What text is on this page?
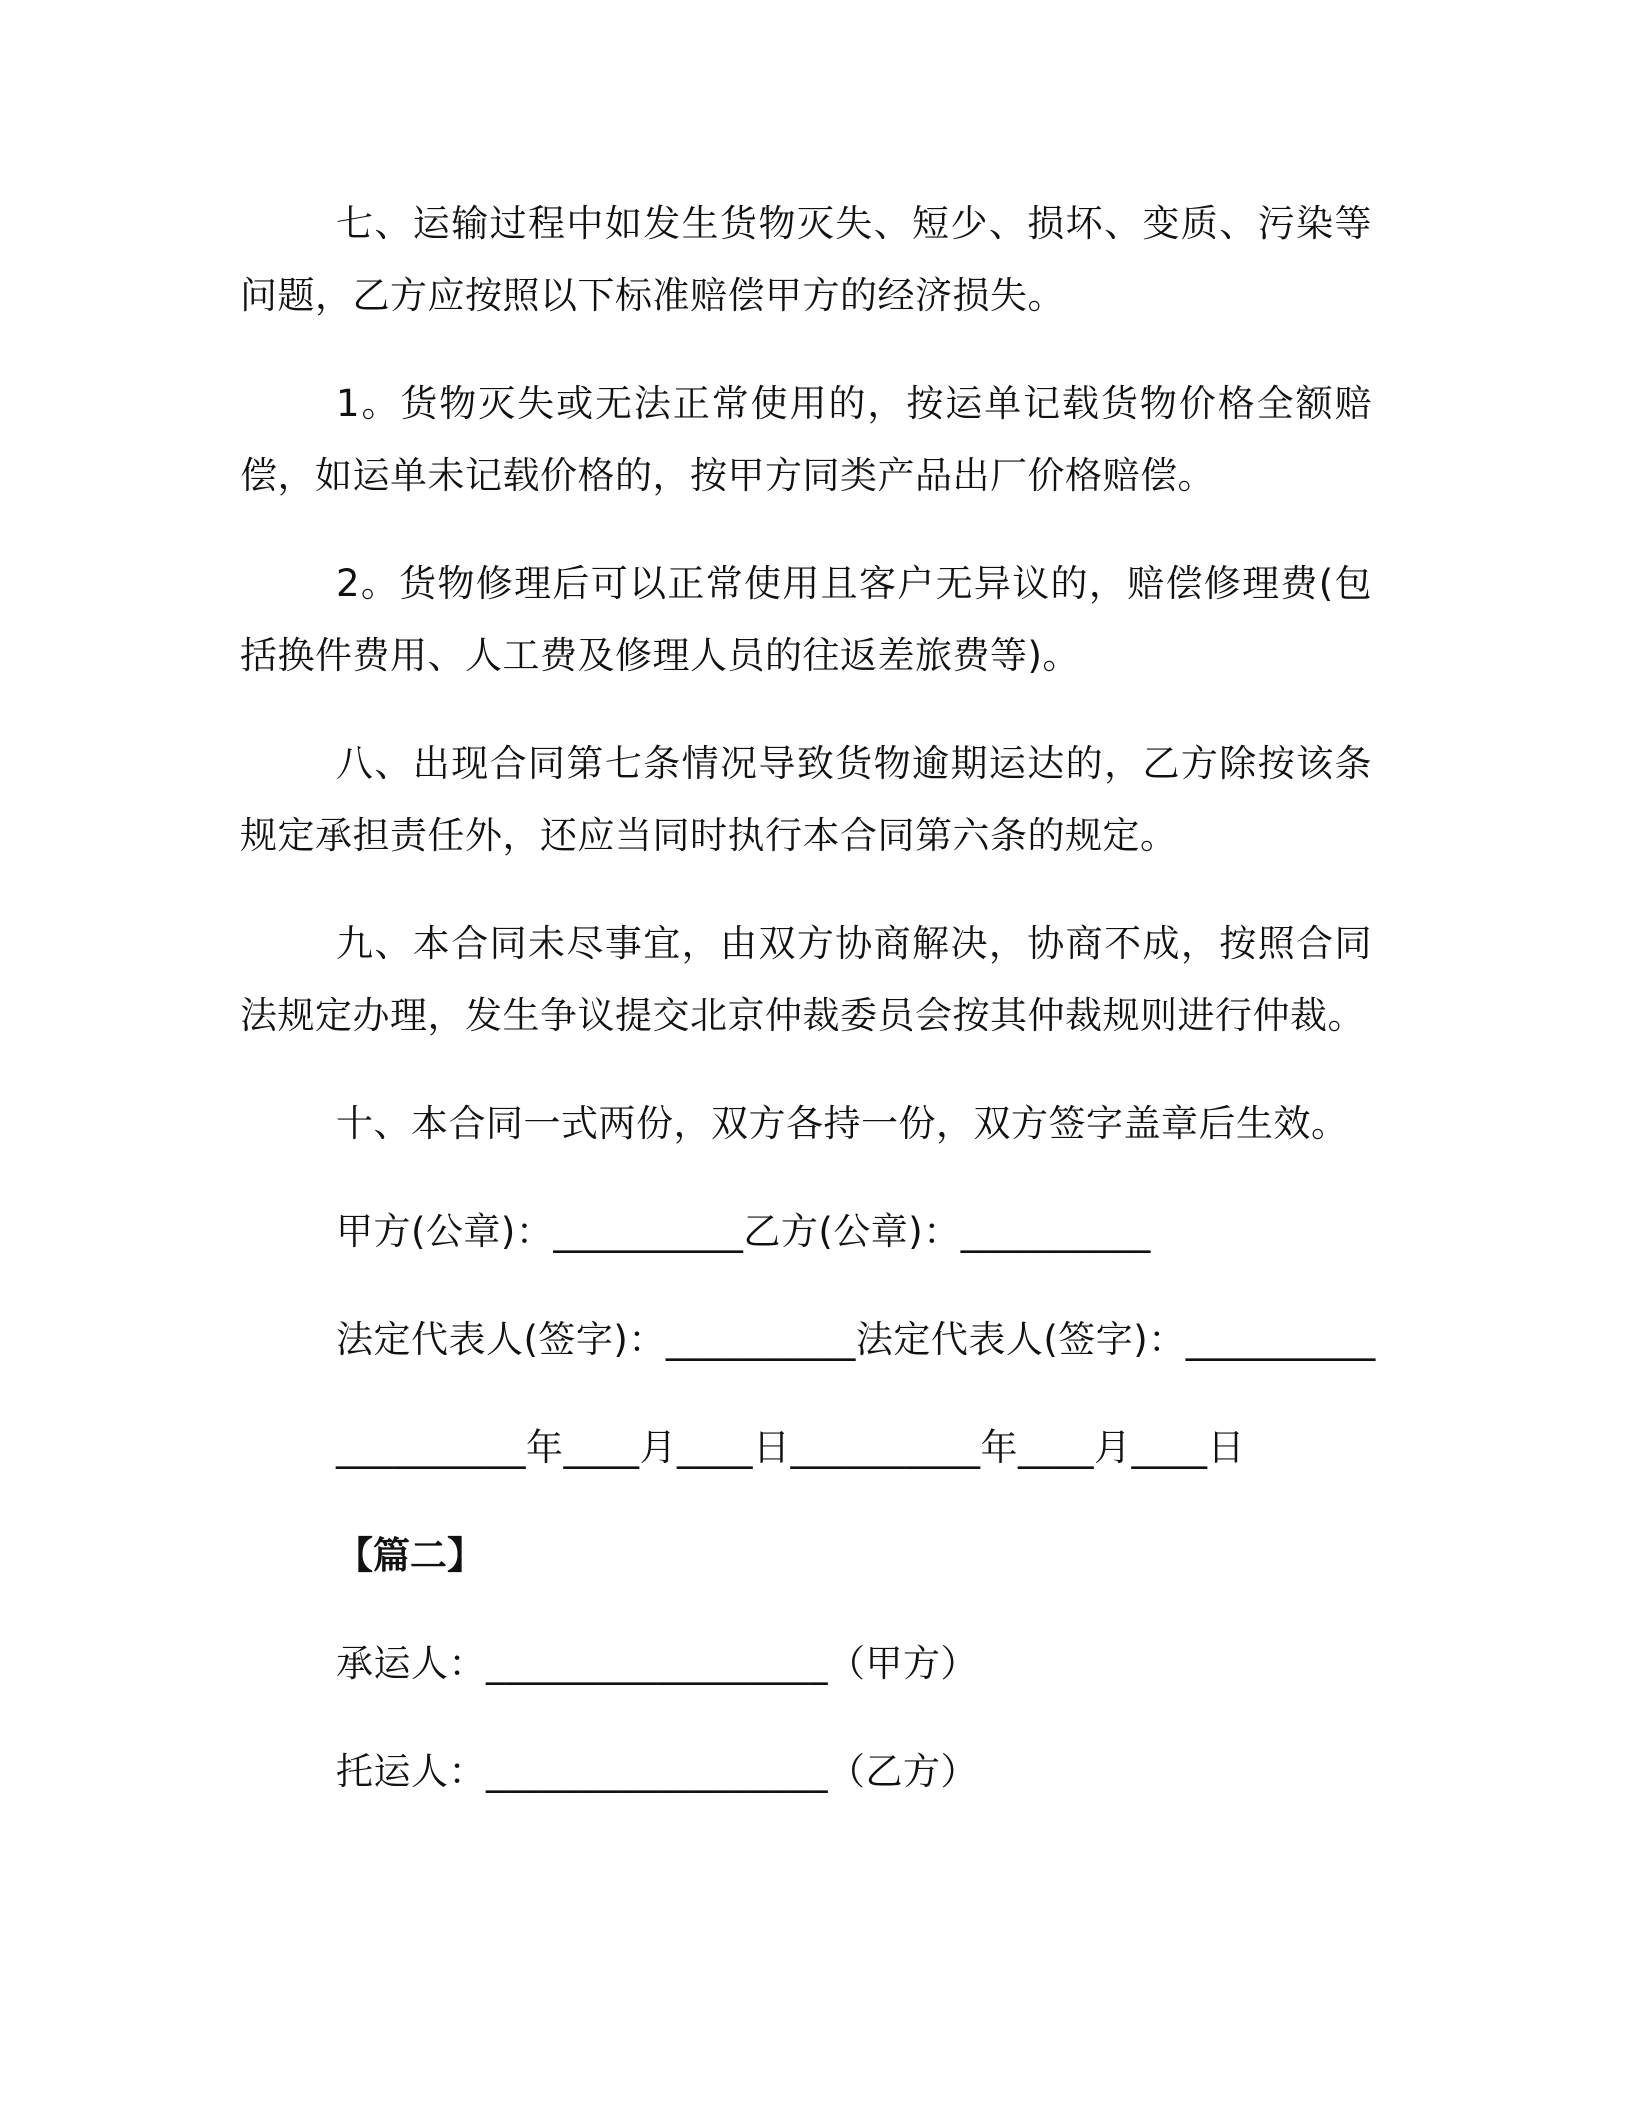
七、运输过程中如发生货物灭失、短少、损坏、变质、污染等问题，乙方应按照以下标准赔偿甲方的经济损失。

1。货物灭失或无法正常使用的，按运单记载货物价格全额赔偿，如运单未记载价格的，按甲方同类产品出厂价格赔偿。

2。货物修理后可以正常使用且客户无异议的，赔偿修理费(包括换件费用、人工费及修理人员的往返差旅费等)。

八、出现合同第七条情况导致货物逾期运达的，乙方除按该条规定承担责任外，还应当同时执行本合同第六条的规定。

九、本合同未尽事宜，由双方协商解决，协商不成，按照合同法规定办理，发生争议提交北京仲裁委员会按其仲裁规则进行仲裁。

十、本合同一式两份，双方各持一份，双方签字盖章后生效。

甲方(公章)：__________乙方(公章)：__________
法定代表人(签字)：__________法定代表人(签字)：__________
__________年____月____日__________年____月____日
【篇二】
承运人：__________________（甲方）
托运人：__________________（乙方）
